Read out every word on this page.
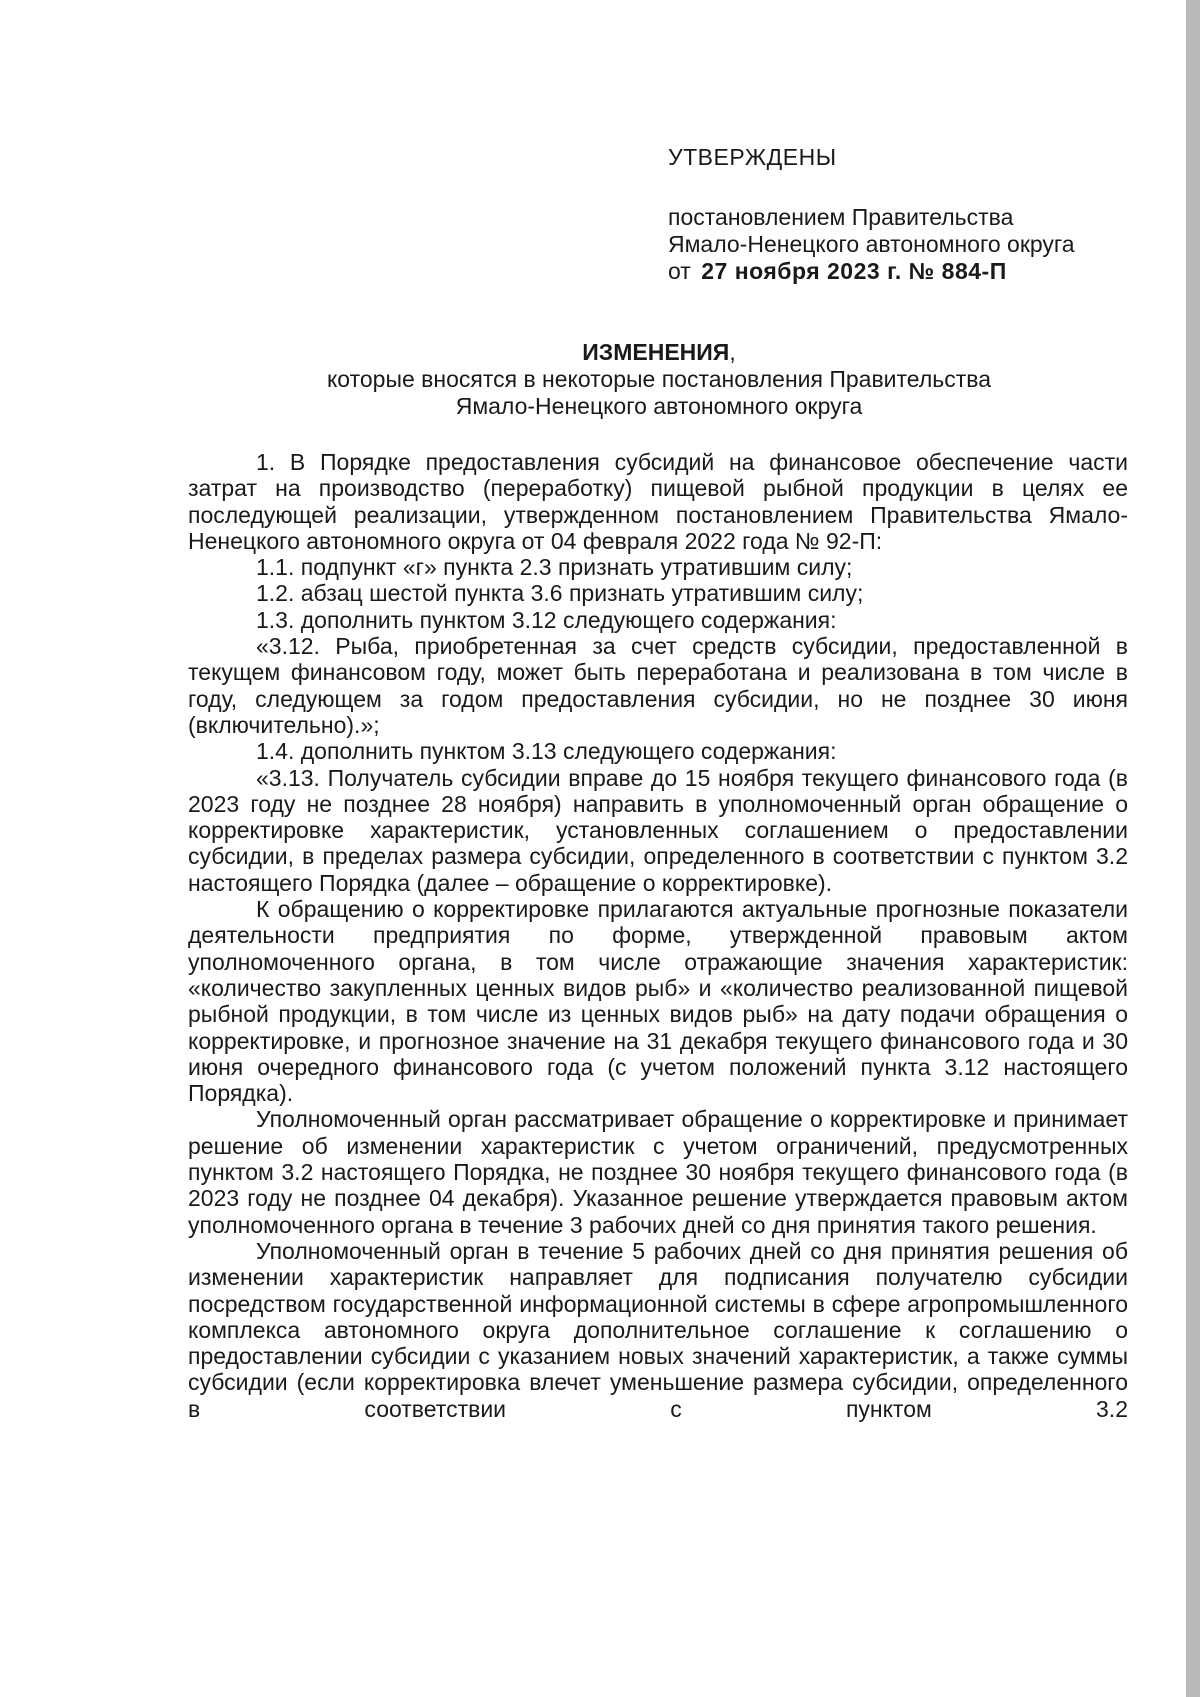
УТВЕРЖДЕНЫ
постановлением Правительства
Ямало-Ненецкого автономного округа
от 27 ноября 2023 г. № 884-П
ИЗМЕНЕНИЯ,
которые вносятся в некоторые постановления Правительства
Ямало-Ненецкого автономного округа

1. В Порядке предоставления субсидий на финансовое обеспечение части затрат на производство (переработку) пищевой рыбной продукции в целях ее последующей реализации, утвержденном постановлением Правительства Ямало-Ненецкого автономного округа от 04 февраля 2022 года № 92-П:

1.1. подпункт «г» пункта 2.3 признать утратившим силу;

1.2. абзац шестой пункта 3.6 признать утратившим силу;

1.3. дополнить пунктом 3.12 следующего содержания:

«3.12. Рыба, приобретенная за счет средств субсидии, предоставленной в текущем финансовом году, может быть переработана и реализована в том числе в году, следующем за годом предоставления субсидии, но не позднее 30 июня (включительно).»;

1.4. дополнить пунктом 3.13 следующего содержания:

«3.13. Получатель субсидии вправе до 15 ноября текущего финансового года (в 2023 году не позднее 28 ноября) направить в уполномоченный орган обращение о корректировке характеристик, установленных соглашением о предоставлении субсидии, в пределах размера субсидии, определенного в соответствии с пунктом 3.2 настоящего Порядка (далее – обращение о корректировке).

К обращению о корректировке прилагаются актуальные прогнозные показатели деятельности предприятия по форме, утвержденной правовым актом уполномоченного органа, в том числе отражающие значения характеристик: «количество закупленных ценных видов рыб» и «количество реализованной пищевой рыбной продукции, в том числе из ценных видов рыб» на дату подачи обращения о корректировке, и прогнозное значение на 31 декабря текущего финансового года и 30 июня очередного финансового года (с учетом положений пункта 3.12 настоящего Порядка).

Уполномоченный орган рассматривает обращение о корректировке и принимает решение об изменении характеристик с учетом ограничений, предусмотренных пунктом 3.2 настоящего Порядка, не позднее 30 ноября текущего финансового года (в 2023 году не позднее 04 декабря). Указанное решение утверждается правовым актом уполномоченного органа в течение 3 рабочих дней со дня принятия такого решения.

Уполномоченный орган в течение 5 рабочих дней со дня принятия решения об изменении характеристик направляет для подписания получателю субсидии посредством государственной информационной системы в сфере агропромышленного комплекса автономного округа дополнительное соглашение к соглашению о предоставлении субсидии с указанием новых значений характеристик, а также суммы субсидии (если корректировка влечет уменьшение размера субсидии, определенного в соответствии с пунктом 3.2
